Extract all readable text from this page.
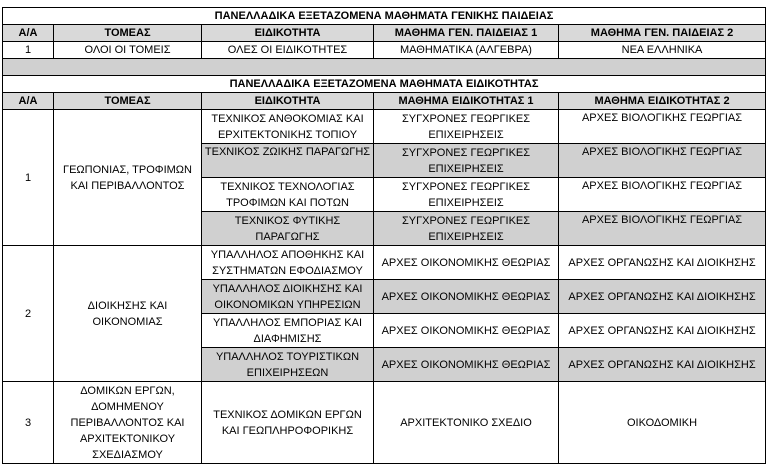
ΠΑΝΕΛΛΑΔΙΚΑ ΕΞΕΤΑΖΟΜΕΝΑ ΜΑΘΗΜΑΤΑ ΓΕΝΙΚΗΣ ΠΑΙΔΕΙΑΣ				
Α/Α	ΤΟΜΕΑΣ	ΕΙΔΙΚΟΤΗΤΑ	ΜΑΘΗΜΑ ΓΕΝ. ΠΑΙΔΕΙΑΣ 1	ΜΑΘΗΜΑ ΓΕΝ. ΠΑΙΔΕΙΑΣ 2
1	ΟΛΟΙ ΟΙ ΤΟΜΕΙΣ	ΟΛΕΣ ΟΙ ΕΙΔΙΚΟΤΗΤΕΣ	ΜΑΘΗΜΑΤΙΚΑ (ΑΛΓΕΒΡΑ)	ΝΕΑ ΕΛΛΗΝΙΚΑ

ΠΑΝΕΛΛΑΔΙΚΑ ΕΞΕΤΑΖΟΜΕΝΑ ΜΑΘΗΜΑΤΑ ΕΙΔΙΚΟΤΗΤΑΣ				
Α/Α	ΤΟΜΕΑΣ	ΕΙΔΙΚΟΤΗΤΑ	ΜΑΘΗΜΑ ΕΙΔΙΚΟΤΗΤΑΣ 1	ΜΑΘΗΜΑ ΕΙΔΙΚΟΤΗΤΑΣ 2
1	ΓΕΩΠΟΝΙΑΣ, ΤΡΟΦΙΜΩΝ ΚΑΙ ΠΕΡΙΒΑΛΛΟΝΤΟΣ	ΤΕΧΝΙΚΟΣ ΑΝΘΟΚΟΜΙΑΣ ΚΑΙ ΕΡΧΙΤΕΚΤΟΝΙΚΗΣ ΤΟΠΙΟΥ	ΣΥΓΧΡΟΝΕΣ ΓΕΩΡΓΙΚΕΣ ΕΠΙΧΕΙΡΗΣΕΙΣ	ΑΡΧΕΣ ΒΙΟΛΟΓΙΚΗΣ ΓΕΩΡΓΙΑΣ
		ΤΕΧΝΙΚΟΣ ΖΩΙΚΗΣ ΠΑΡΑΓΩΓΗΣ	ΣΥΓΧΡΟΝΕΣ ΓΕΩΡΓΙΚΕΣ ΕΠΙΧΕΙΡΗΣΕΙΣ	ΑΡΧΕΣ ΒΙΟΛΟΓΙΚΗΣ ΓΕΩΡΓΙΑΣ
		ΤΕΧΝΙΚΟΣ ΤΕΧΝΟΛΟΓΙΑΣ ΤΡΟΦΙΜΩΝ ΚΑΙ ΠΟΤΩΝ	ΣΥΓΧΡΟΝΕΣ ΓΕΩΡΓΙΚΕΣ ΕΠΙΧΕΙΡΗΣΕΙΣ	ΑΡΧΕΣ ΒΙΟΛΟΓΙΚΗΣ ΓΕΩΡΓΙΑΣ
		ΤΕΧΝΙΚΟΣ ΦΥΤΙΚΗΣ ΠΑΡΑΓΩΓΗΣ	ΣΥΓΧΡΟΝΕΣ ΓΕΩΡΓΙΚΕΣ ΕΠΙΧΕΙΡΗΣΕΙΣ	ΑΡΧΕΣ ΒΙΟΛΟΓΙΚΗΣ ΓΕΩΡΓΙΑΣ
2	ΔΙΟΙΚΗΣΗΣ ΚΑΙ ΟΙΚΟΝΟΜΙΑΣ	ΥΠΑΛΛΗΛΟΣ ΑΠΟΘΗΚΗΣ ΚΑΙ ΣΥΣΤΗΜΑΤΩΝ ΕΦΟΔΙΑΣΜΟΥ	ΑΡΧΕΣ ΟΙΚΟΝΟΜΙΚΗΣ ΘΕΩΡΙΑΣ	ΑΡΧΕΣ ΟΡΓΑΝΩΣΗΣ ΚΑΙ ΔΙΟΙΚΗΣΗΣ
		ΥΠΑΛΛΗΛΟΣ ΔΙΟΙΚΗΣΗΣ ΚΑΙ ΟΙΚΟΝΟΜΙΚΩΝ ΥΠΗΡΕΣΙΩΝ	ΑΡΧΕΣ ΟΙΚΟΝΟΜΙΚΗΣ ΘΕΩΡΙΑΣ	ΑΡΧΕΣ ΟΡΓΑΝΩΣΗΣ ΚΑΙ ΔΙΟΙΚΗΣΗΣ
		ΥΠΑΛΛΗΛΟΣ ΕΜΠΟΡΙΑΣ ΚΑΙ ΔΙΑΦΗΜΙΣΗΣ	ΑΡΧΕΣ ΟΙΚΟΝΟΜΙΚΗΣ ΘΕΩΡΙΑΣ	ΑΡΧΕΣ ΟΡΓΑΝΩΣΗΣ ΚΑΙ ΔΙΟΙΚΗΣΗΣ
		ΥΠΑΛΛΗΛΟΣ ΤΟΥΡΙΣΤΙΚΩΝ ΕΠΙΧΕΙΡΗΣΕΩΝ	ΑΡΧΕΣ ΟΙΚΟΝΟΜΙΚΗΣ ΘΕΩΡΙΑΣ	ΑΡΧΕΣ ΟΡΓΑΝΩΣΗΣ ΚΑΙ ΔΙΟΙΚΗΣΗΣ
3	ΔΟΜΙΚΩΝ ΕΡΓΩΝ, ΔΟΜΗΜΕΝΟΥ ΠΕΡΙΒΑΛΛΟΝΤΟΣ ΚΑΙ ΑΡΧΙΤΕΚΤΟΝΙΚΟΥ ΣΧΕΔΙΑΣΜΟΥ	ΤΕΧΝΙΚΟΣ ΔΟΜΙΚΩΝ ΕΡΓΩΝ ΚΑΙ ΓΕΩΠΛΗΡΟΦΟΡΙΚΗΣ	ΑΡΧΙΤΕΚΤΟΝΙΚΟ ΣΧΕΔΙΟ	ΟΙΚΟΔΟΜΙΚΗ
